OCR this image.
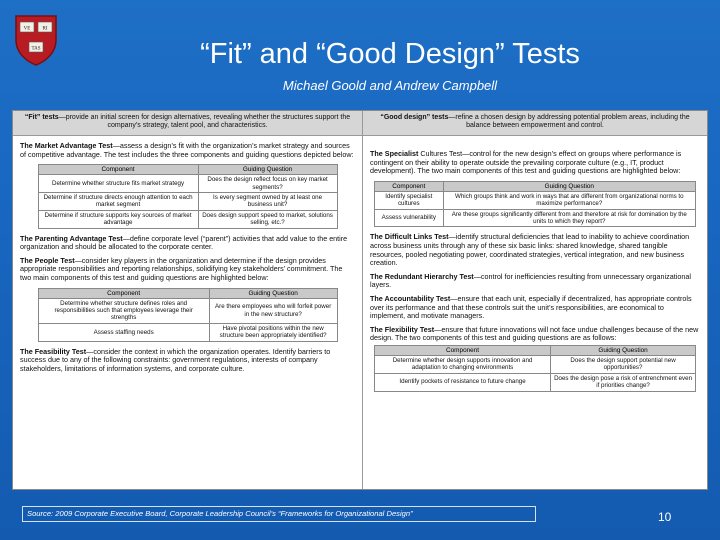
VE RI
TAS	“Fit” and “Good Design” Tests
Michael Goold and Andrew Campbell
“Fit” tests—provide an initial screen for design alternatives, revealing whether the structures support the company’s strategy, talent pool, and characteristics.

The Market Advantage Test—assess a design’s fit with the organization’s market strategy and sources of competitive advantage. The test includes the three components and guiding questions depicted below:

Component	Guiding Question
Determine whether structure fits market strategy	Does the design reflect focus on key market segments?
Determine if structure directs enough attention to each market segment	Is every segment owned by at least one business unit?
Determine if structure supports key sources of market advantage	Does design support speed to market, solutions selling, etc.?

The Parenting Advantage Test—define corporate level (“parent”) activities that add value to the entire organization and should be allocated to the corporate center.

The People Test—consider key players in the organization and determine if the design provides appropriate responsibilities and reporting relationships, solidifying key stakeholders’ commitment. The two main components of this test and guiding questions are highlighted below:

Component	Guiding Question
Determine whether structure defines roles and responsibilities such that employees leverage their strengths	Are there employees who will forfeit power in the new structure?
Assess staffing needs	Have pivotal positions within the new structure been appropriately identified?

The Feasibility Test—consider the context in which the organization operates. Identify barriers to success due to any of the following constraints: government regulations, interests of company stakeholders, limitations of information systems, and corporate culture.

“Good design” tests—refine a chosen design by addressing potential problem areas, including the balance between empowerment and control.

The Specialist Cultures Test—control for the new design’s effect on groups where performance is contingent on their ability to operate outside the prevailing corporate culture (e.g., IT, product development). The two main components of this test and guiding questions are highlighted below:

Component	Guiding Question
Identify specialist cultures	Which groups think and work in ways that are different from organizational norms to maximize performance?
Assess vulnerability	Are these groups significantly different from and therefore at risk for domination by the units to which they report?

The Difficult Links Test—identify structural deficiencies that lead to inability to achieve coordination across business units through any of these six basic links: shared knowledge, shared tangible resources, pooled negotiating power, coordinated strategies, vertical integration, and new business creation.

The Redundant Hierarchy Test—control for inefficiencies resulting from unnecessary organizational layers.

The Accountability Test—ensure that each unit, especially if decentralized, has appropriate controls over its performance and that these controls suit the unit’s responsibilities, are economical to implement, and motivate managers.

The Flexibility Test—ensure that future innovations will not face undue challenges because of the new design. The two components of this test and guiding questions are as follows:

Component	Guiding Question
Determine whether design supports innovation and adaptation to changing environments	Does the design support potential new opportunities?
Identify pockets of resistance to future change	Does the design pose a risk of entrenchment even if priorities change?
Source: 2009 Corporate Executive Board, Corporate Leadership Council’s “Frameworks for Organizational Design”	10
